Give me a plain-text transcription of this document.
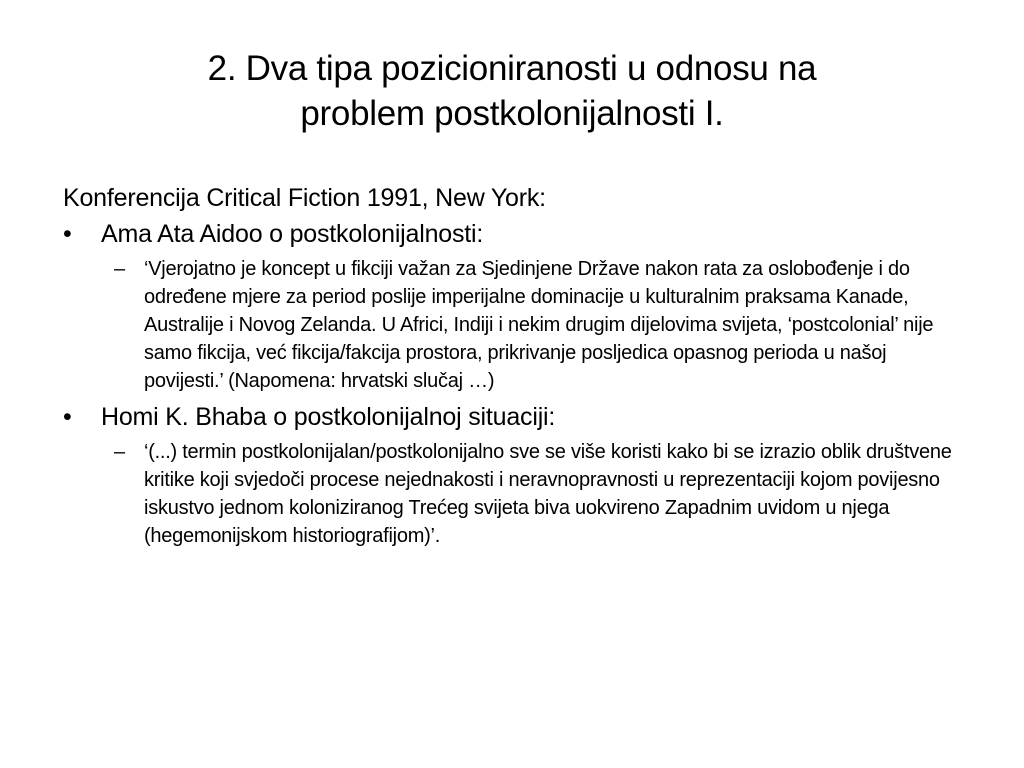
2. Dva tipa pozicioniranosti u odnosu na
problem postkolonijalnosti I.
Konferencija Critical Fiction 1991, New York:
•	Ama Ata Aidoo o postkolonijalnosti:
– ‘Vjerojatno je koncept u fikciji važan za Sjedinjene Države nakon rata za oslobođenje i do određene mjere za period poslije imperijalne dominacije u kulturalnim praksama Kanade, Australije i Novog Zelanda. U Africi, Indiji i nekim drugim dijelovima svijeta, ‘postcolonial’ nije samo fikcija, već fikcija/fakcija prostora, prikrivanje posljedica opasnog perioda u našoj povijesti.’ (Napomena: hrvatski slučaj …)
•	Homi K. Bhaba o postkolonijalnoj situaciji:
– ‘(...) termin postkolonijalan/postkolonijalno sve se više koristi kako bi se izrazio oblik društvene kritike koji svjedoči procese nejednakosti i neravnopravnosti u reprezentaciji kojom povijesno iskustvo jednom koloniziranog Trećeg svijeta biva uokvireno Zapadnim uvidom u njega (hegemonijskom historiografijom)’.
